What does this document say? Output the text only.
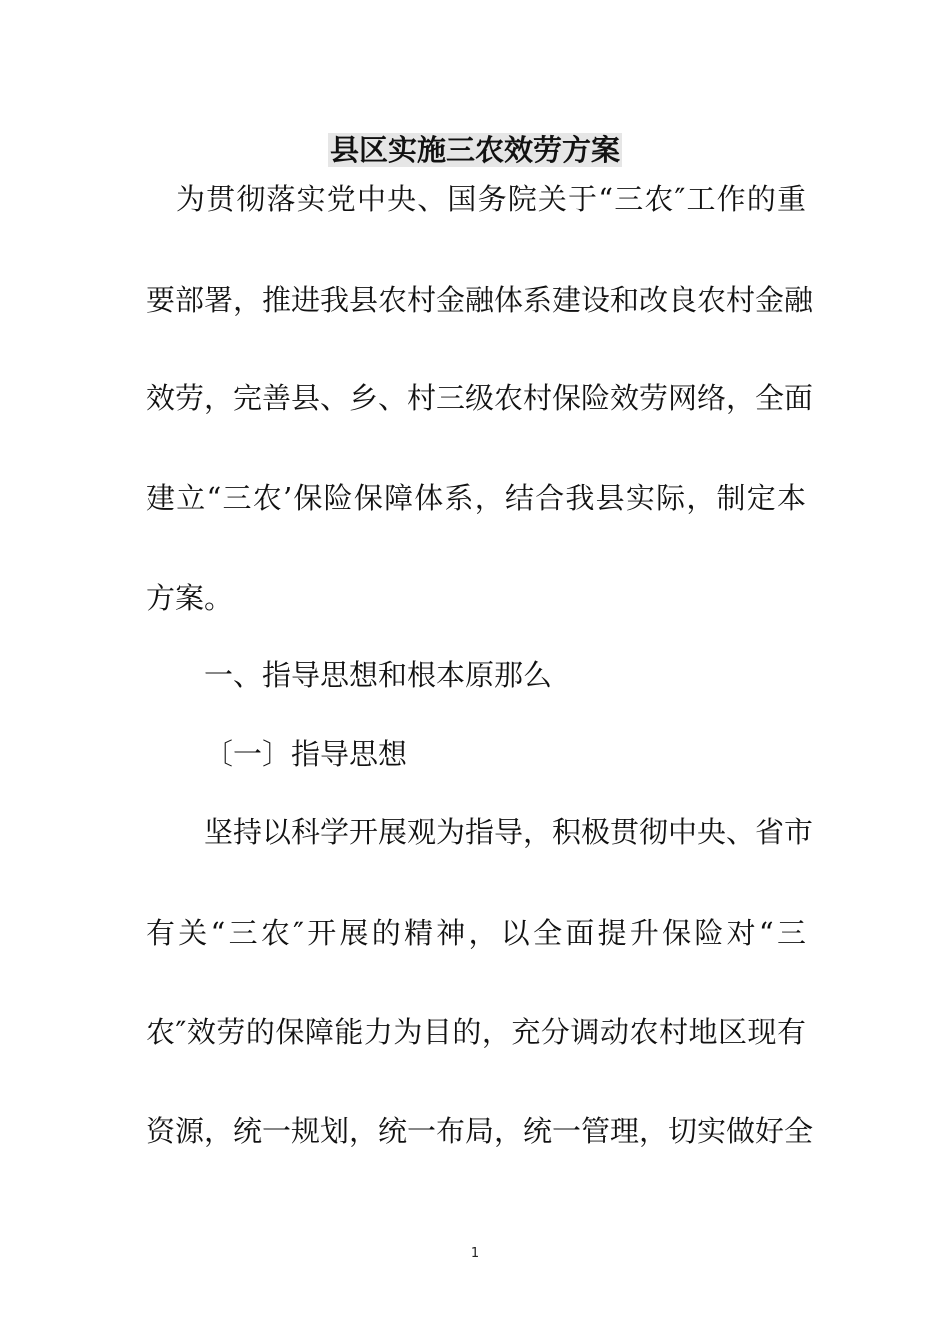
县区实施三农效劳方案
为贯彻落实党中央、国务院关于“三农″工作的重
要部署，推进我县农村金融体系建设和改良农村金融
效劳，完善县、乡、村三级农村保险效劳网络，全面
建立“三农’保险保障体系，结合我县实际，制定本
方案。
一、指导思想和根本原那么
〔一〕指导思想
坚持以科学开展观为指导，积极贯彻中央、省市
有关“三农″开展的精神，以全面提升保险对“三
农″效劳的保障能力为目的，充分调动农村地区现有
资源，统一规划，统一布局，统一管理，切实做好全
1
